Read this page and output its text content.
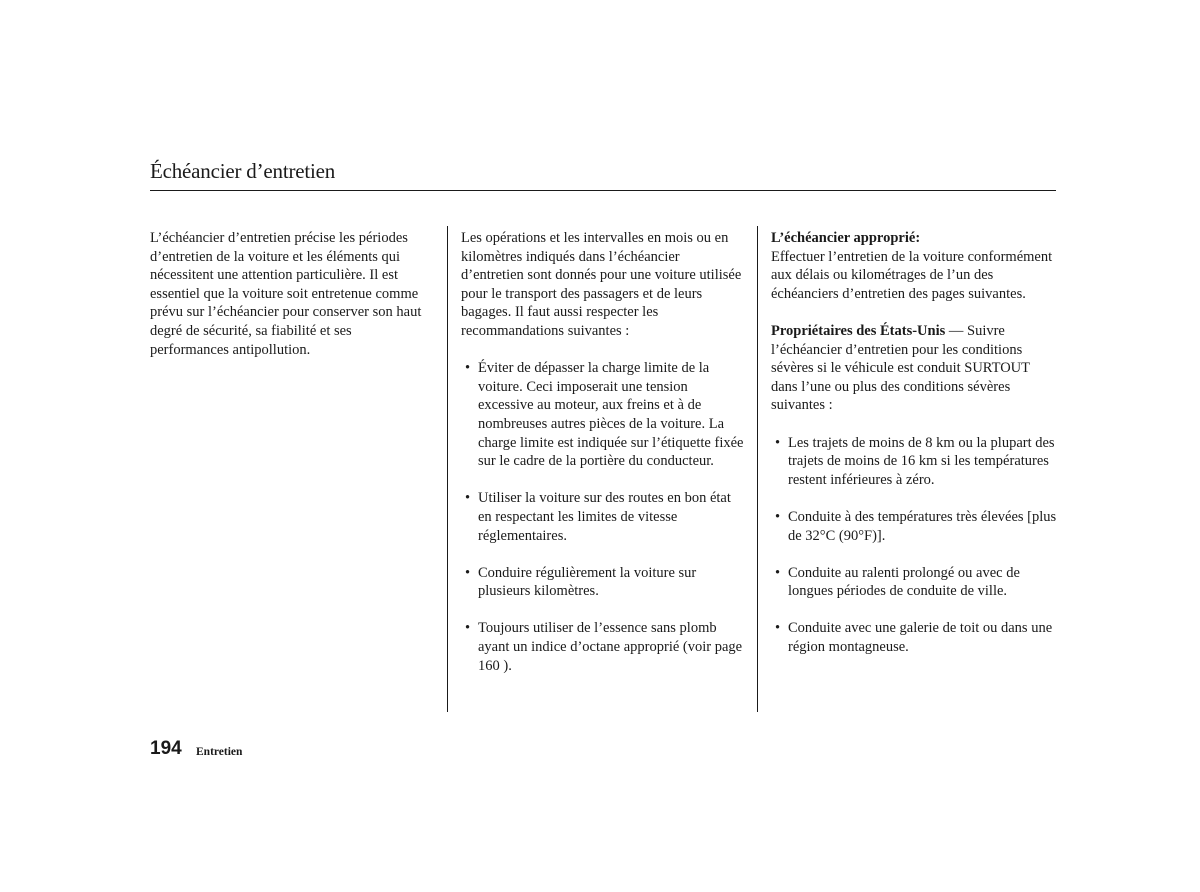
Échéancier d’entretien

L’échéancier d’entretien précise les périodes d’entretien de la voiture et les éléments qui nécessitent une attention particulière. Il est essentiel que la voiture soit entretenue comme prévu sur l’échéancier pour conserver son haut degré de sécurité, sa fiabilité et ses performances antipollution.

Les opérations et les intervalles en mois ou en kilomètres indiqués dans l’échéancier d’entretien sont donnés pour une voiture utilisée pour le transport des passagers et de leurs bagages. Il faut aussi respecter les recommandations suivantes :

• Éviter de dépasser la charge limite de la voiture. Ceci imposerait une tension excessive au moteur, aux freins et à de nombreuses autres pièces de la voiture. La charge limite est indiquée sur l’étiquette fixée sur le cadre de la portière du conducteur.
• Utiliser la voiture sur des routes en bon état en respectant les limites de vitesse réglementaires.
• Conduire régulièrement la voiture sur plusieurs kilomètres.
• Toujours utiliser de l’essence sans plomb ayant un indice d’octane approprié (voir page 160 ).

L’échéancier approprié:
Effectuer l’entretien de la voiture conformément aux délais ou kilométrages de l’un des échéanciers d’entretien des pages suivantes.

Propriétaires des États-Unis — Suivre l’échéancier d’entretien pour les conditions sévères si le véhicule est conduit SURTOUT dans l’une ou plus des conditions sévères suivantes :

• Les trajets de moins de 8 km ou la plupart des trajets de moins de 16 km si les températures restent inférieures à zéro.
• Conduite à des températures très élevées [plus de 32°C (90°F)].
• Conduite au ralenti prolongé ou avec de longues périodes de conduite de ville.
• Conduite avec une galerie de toit ou dans une région montagneuse.
194 Entretien
